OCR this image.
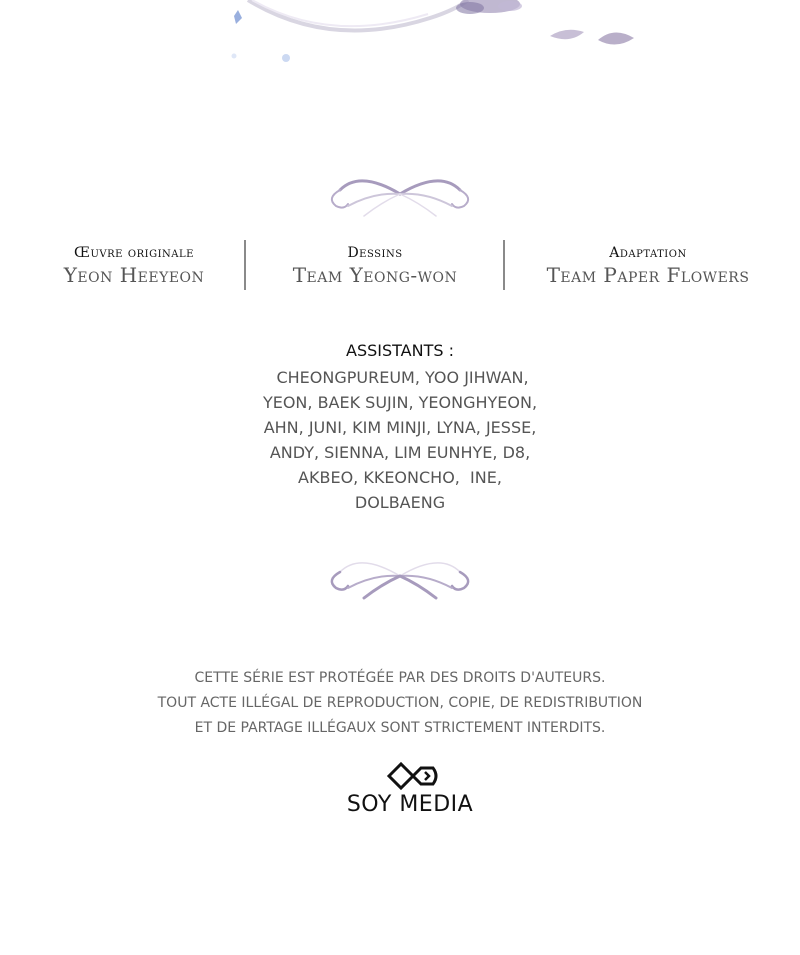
Œuvre originale
Yeon Heeyeon
Dessins
Team Yeong-won
Adaptation
Team Paper Flowers
ASSISTANTS :
CHEONGPUREUM, YOO JIHWAN,
YEON, BAEK SUJIN, YEONGHYEON,
AHN, JUNI, KIM MINJI, LYNA, JESSE,
ANDY, SIENNA, LIM EUNHYE, D8,
AKBEO, KKEONCHO,  INE,
DOLBAENG
CETTE SÉRIE EST PROTÉGÉE PAR DES DROITS D'AUTEURS.
TOUT ACTE ILLÉGAL DE REPRODUCTION, COPIE, DE REDISTRIBUTION
ET DE PARTAGE ILLÉGAUX SONT STRICTEMENT INTERDITS.
SOY MEDIA
